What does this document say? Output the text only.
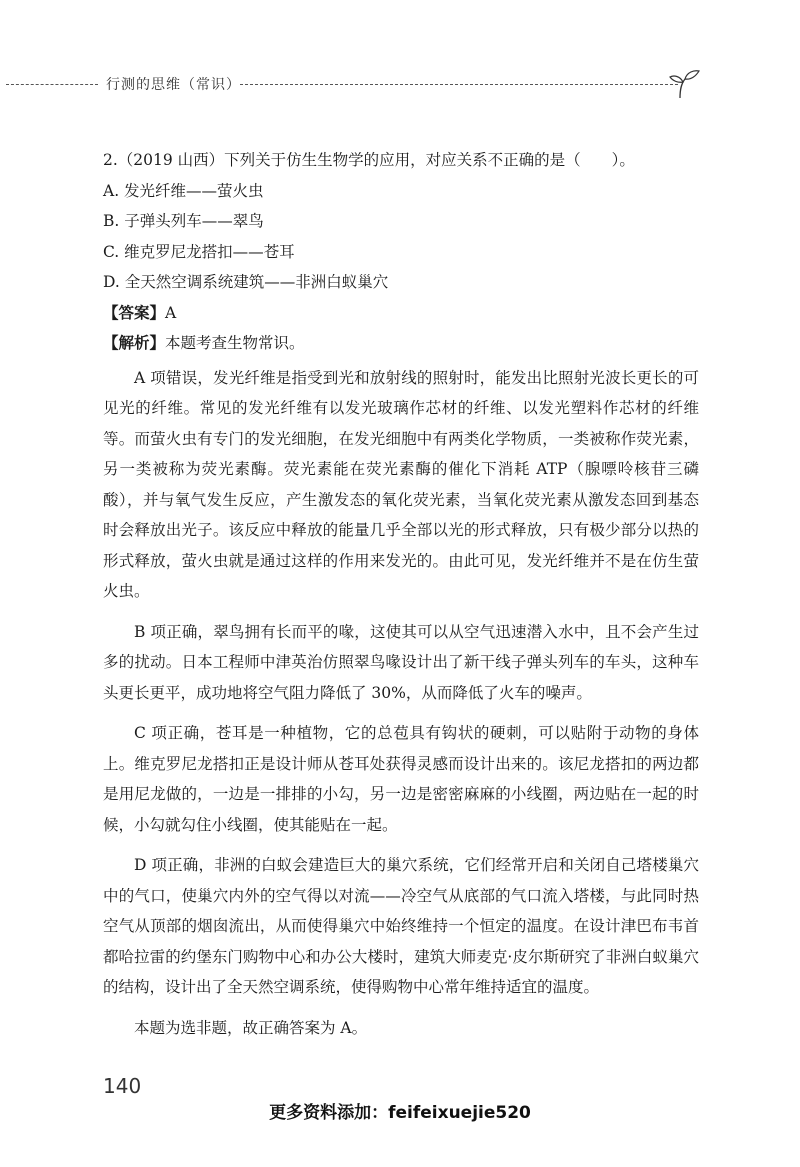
行测的思维（常识）

2.（2019 山西）下列关于仿生生物学的应用，对应关系不正确的是（　　）。

A. 发光纤维——萤火虫

B. 子弹头列车——翠鸟

C. 维克罗尼龙搭扣——苍耳

D. 全天然空调系统建筑——非洲白蚁巢穴

【答案】A

【解析】本题考查生物常识。

A 项错误，发光纤维是指受到光和放射线的照射时，能发出比照射光波长更长的可见光的纤维。常见的发光纤维有以发光玻璃作芯材的纤维、以发光塑料作芯材的纤维等。而萤火虫有专门的发光细胞，在发光细胞中有两类化学物质，一类被称作荧光素，另一类被称为荧光素酶。荧光素能在荧光素酶的催化下消耗 ATP（腺嘌呤核苷三磷酸），并与氧气发生反应，产生激发态的氧化荧光素，当氧化荧光素从激发态回到基态时会释放出光子。该反应中释放的能量几乎全部以光的形式释放，只有极少部分以热的形式释放，萤火虫就是通过这样的作用来发光的。由此可见，发光纤维并不是在仿生萤火虫。

B 项正确，翠鸟拥有长而平的喙，这使其可以从空气迅速潜入水中，且不会产生过多的扰动。日本工程师中津英治仿照翠鸟喙设计出了新干线子弹头列车的车头，这种车头更长更平，成功地将空气阻力降低了 30%，从而降低了火车的噪声。

C 项正确，苍耳是一种植物，它的总苞具有钩状的硬刺，可以贴附于动物的身体上。维克罗尼龙搭扣正是设计师从苍耳处获得灵感而设计出来的。该尼龙搭扣的两边都是用尼龙做的，一边是一排排的小勾，另一边是密密麻麻的小线圈，两边贴在一起的时候，小勾就勾住小线圈，使其能贴在一起。

D 项正确，非洲的白蚁会建造巨大的巢穴系统，它们经常开启和关闭自己塔楼巢穴中的气口，使巢穴内外的空气得以对流——冷空气从底部的气口流入塔楼，与此同时热空气从顶部的烟囱流出，从而使得巢穴中始终维持一个恒定的温度。在设计津巴布韦首都哈拉雷的约堡东门购物中心和办公大楼时，建筑大师麦克·皮尔斯研究了非洲白蚁巢穴的结构，设计出了全天然空调系统，使得购物中心常年维持适宜的温度。

本题为选非题，故正确答案为 A。

140
更多资料添加：feifeixuejie520
